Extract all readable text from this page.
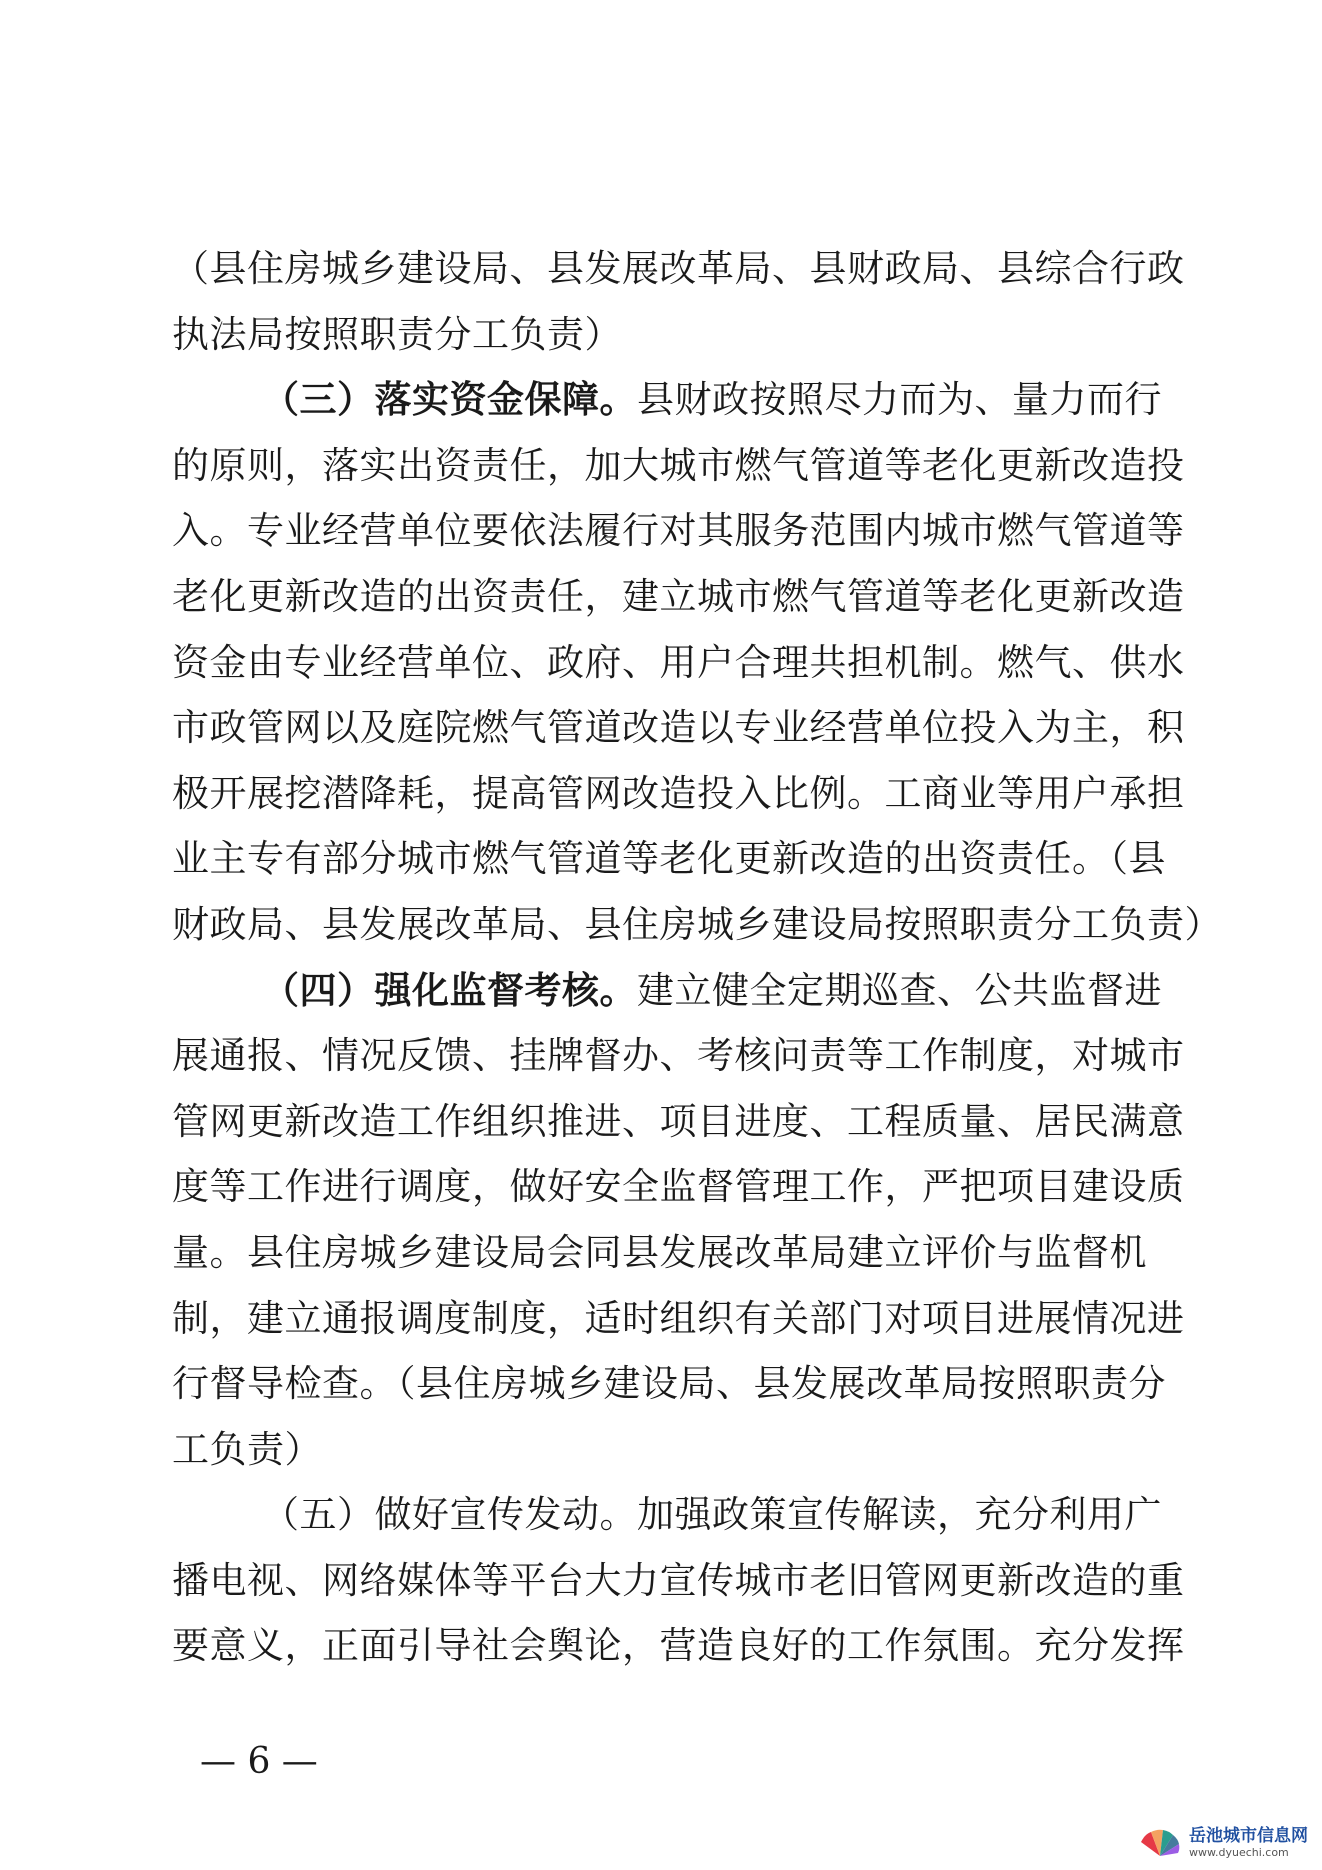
（县住房城乡建设局、县发展改革局、县财政局、县综合行政
执法局按照职责分工负责）
（三）落实资金保障。县财政按照尽力而为、量力而行
的原则，落实出资责任，加大城市燃气管道等老化更新改造投
入。专业经营单位要依法履行对其服务范围内城市燃气管道等
老化更新改造的出资责任，建立城市燃气管道等老化更新改造
资金由专业经营单位、政府、用户合理共担机制。燃气、供水
市政管网以及庭院燃气管道改造以专业经营单位投入为主，积
极开展挖潜降耗，提高管网改造投入比例。工商业等用户承担
业主专有部分城市燃气管道等老化更新改造的出资责任。（县
财政局、县发展改革局、县住房城乡建设局按照职责分工负责）
（四）强化监督考核。建立健全定期巡查、公共监督进
展通报、情况反馈、挂牌督办、考核问责等工作制度，对城市
管网更新改造工作组织推进、项目进度、工程质量、居民满意
度等工作进行调度，做好安全监督管理工作，严把项目建设质
量。县住房城乡建设局会同县发展改革局建立评价与监督机
制，建立通报调度制度，适时组织有关部门对项目进展情况进
行督导检查。（县住房城乡建设局、县发展改革局按照职责分
工负责）
（五）做好宣传发动。加强政策宣传解读，充分利用广
播电视、网络媒体等平台大力宣传城市老旧管网更新改造的重
要意义，正面引导社会舆论，营造良好的工作氛围。充分发挥
— 6 —
岳池城市信息网
www.dyuechi.com
